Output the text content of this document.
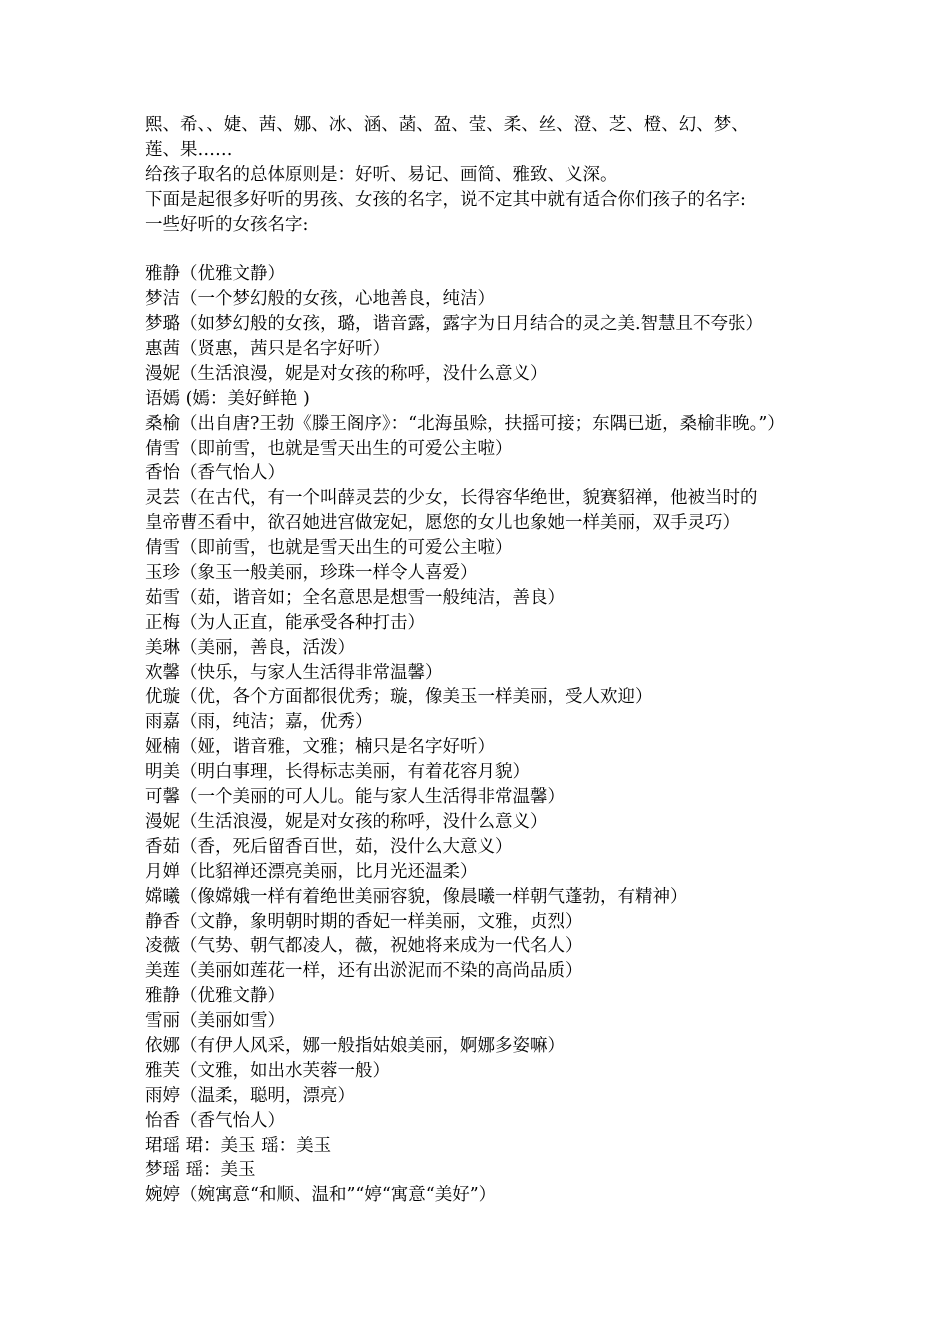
熙、希、、婕、茜、娜、冰、涵、菡、盈、莹、柔、丝、澄、芝、橙、幻、梦、
莲、果……
给孩子取名的总体原则是：好听、易记、画简、雅致、义深。
下面是起很多好听的男孩、女孩的名字，说不定其中就有适合你们孩子的名字:
一些好听的女孩名字:
雅静（优雅文静）
梦洁（一个梦幻般的女孩，心地善良，纯洁）
梦璐（如梦幻般的女孩，璐，谐音露，露字为日月结合的灵之美.智慧且不夸张）
惠茜（贤惠，茜只是名字好听）
漫妮（生活浪漫，妮是对女孩的称呼，没什么意义）
语嫣 (嫣：美好鲜艳 )
桑榆（出自唐?王勃《滕王阁序》：“北海虽赊，扶摇可接；东隅已逝，桑榆非晚。”）
倩雪（即前雪，也就是雪天出生的可爱公主啦）
香怡（香气怡人）
灵芸（在古代，有一个叫薛灵芸的少女，长得容华绝世，貌赛貂禅，他被当时的
皇帝曹丕看中，欲召她进宫做宠妃，愿您的女儿也象她一样美丽，双手灵巧）
倩雪（即前雪，也就是雪天出生的可爱公主啦）
玉珍（象玉一般美丽，珍珠一样令人喜爱）
茹雪（茹，谐音如；全名意思是想雪一般纯洁，善良）
正梅（为人正直，能承受各种打击）
美琳（美丽，善良，活泼）
欢馨（快乐，与家人生活得非常温馨）
优璇（优，各个方面都很优秀；璇，像美玉一样美丽，受人欢迎）
雨嘉（雨，纯洁；嘉，优秀）
娅楠（娅，谐音雅，文雅；楠只是名字好听）
明美（明白事理，长得标志美丽，有着花容月貌）
可馨（一个美丽的可人儿。能与家人生活得非常温馨）
漫妮（生活浪漫，妮是对女孩的称呼，没什么意义）
香茹（香，死后留香百世，茹，没什么大意义）
月婵（比貂禅还漂亮美丽，比月光还温柔）
嫦曦（像嫦娥一样有着绝世美丽容貌，像晨曦一样朝气蓬勃，有精神）
静香（文静，象明朝时期的香妃一样美丽，文雅，贞烈）
凌薇（气势、朝气都凌人，薇，祝她将来成为一代名人）
美莲（美丽如莲花一样，还有出淤泥而不染的高尚品质）
雅静（优雅文静）
雪丽（美丽如雪）
依娜（有伊人风采，娜一般指姑娘美丽，婀娜多姿嘛）
雅芙（文雅，如出水芙蓉一般）
雨婷（温柔，聪明，漂亮）
怡香（香气怡人）
珺瑶 珺：美玉 瑶：美玉
梦瑶 瑶：美玉
婉婷（婉寓意“和顺、温和”“婷“寓意“美好”）
